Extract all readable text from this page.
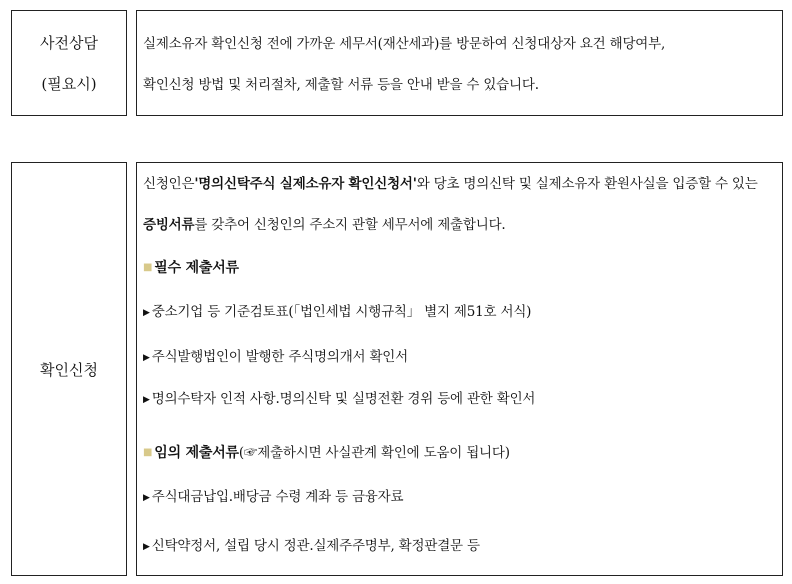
사전상담
(필요시)
실제소유자 확인신청 전에 가까운 세무서(재산세과)를 방문하여 신청대상자 요건 해당여부,
확인신청 방법 및 처리절차, 제출할 서류 등을 안내 받을 수 있습니다.
확인신청
신청인은'명의신탁주식 실제소유자 확인신청서'와 당초 명의신탁 및 실제소유자 환원사실을 입증할 수 있는
증빙서류를 갖추어 신청인의 주소지 관할 세무서에 제출합니다.
■ 필수 제출서류
▶ 중소기업 등 기준검토표(「법인세법 시행규칙」 별지 제51호 서식)
▶ 주식발행법인이 발행한 주식명의개서 확인서
▶ 명의수탁자 인적 사항.명의신탁 및 실명전환 경위 등에 관한 확인서
■ 임의 제출서류(☞제출하시면 사실관계 확인에 도움이 됩니다)
▶ 주식대금납입.배당금 수령 계좌 등 금융자료
▶ 신탁약정서, 설립 당시 정관.실제주주명부, 확정판결문 등
